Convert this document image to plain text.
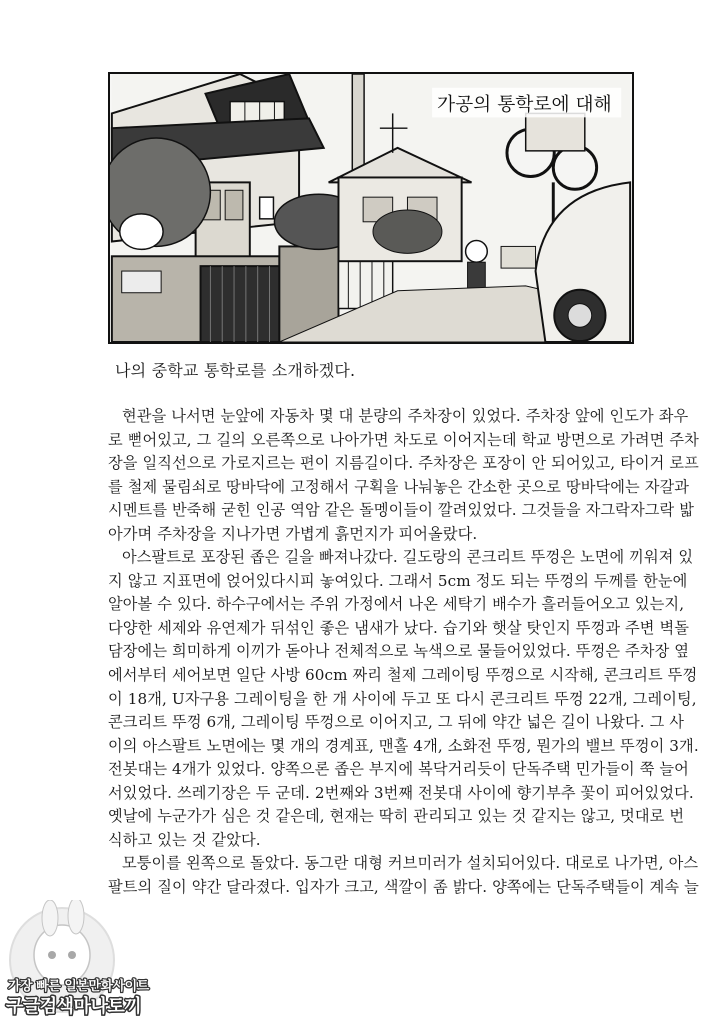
가공의 통학로에 대해
나의 중학교 통학로를 소개하겠다.
현관을 나서면 눈앞에 자동차 몇 대 분량의 주차장이 있었다. 주차장 앞에 인도가 좌우
로 뻗어있고, 그 길의 오른쪽으로 나아가면 차도로 이어지는데 학교 방면으로 가려면 주차
장을 일직선으로 가로지르는 편이 지름길이다. 주차장은 포장이 안 되어있고, 타이거 로프
를 철제 물림쇠로 땅바닥에 고정해서 구획을 나눠놓은 간소한 곳으로 땅바닥에는 자갈과
시멘트를 반죽해 굳힌 인공 역암 같은 돌멩이들이 깔려있었다. 그것들을 자그락자그락 밟
아가며 주차장을 지나가면 가볍게 흙먼지가 피어올랐다.
아스팔트로 포장된 좁은 길을 빠져나갔다. 길도랑의 콘크리트 뚜껑은 노면에 끼워져 있
지 않고 지표면에 얹어있다시피 놓여있다. 그래서 5cm 정도 되는 뚜껑의 두께를 한눈에
알아볼 수 있다. 하수구에서는 주위 가정에서 나온 세탁기 배수가 흘러들어오고 있는지,
다양한 세제와 유연제가 뒤섞인 좋은 냄새가 났다. 습기와 햇살 탓인지 뚜껑과 주변 벽돌
담장에는 희미하게 이끼가 돋아나 전체적으로 녹색으로 물들어있었다. 뚜껑은 주차장 옆
에서부터 세어보면 일단 사방 60cm 짜리 철제 그레이팅 뚜껑으로 시작해, 콘크리트 뚜껑
이 18개, U자구용 그레이팅을 한 개 사이에 두고 또 다시 콘크리트 뚜껑 22개, 그레이팅,
콘크리트 뚜껑 6개, 그레이팅 뚜껑으로 이어지고, 그 뒤에 약간 넓은 길이 나왔다. 그 사
이의 아스팔트 노면에는 몇 개의 경계표, 맨홀 4개, 소화전 뚜껑, 뭔가의 밸브 뚜껑이 3개.
전봇대는 4개가 있었다. 양쪽으론 좁은 부지에 복닥거리듯이 단독주택 민가들이 쭉 늘어
서있었다. 쓰레기장은 두 군데. 2번째와 3번째 전봇대 사이에 향기부추 꽃이 피어있었다.
옛날에 누군가가 심은 것 같은데, 현재는 딱히 관리되고 있는 것 같지는 않고, 멋대로 번
식하고 있는 것 같았다.
모퉁이를 왼쪽으로 돌았다. 동그란 대형 커브미러가 설치되어있다. 대로로 나가면, 아스
팔트의 질이 약간 달라졌다. 입자가 크고, 색깔이 좀 밝다. 양쪽에는 단독주택들이 계속 늘
가장 빠른 일본만화사이트
구글검색마나토끼
